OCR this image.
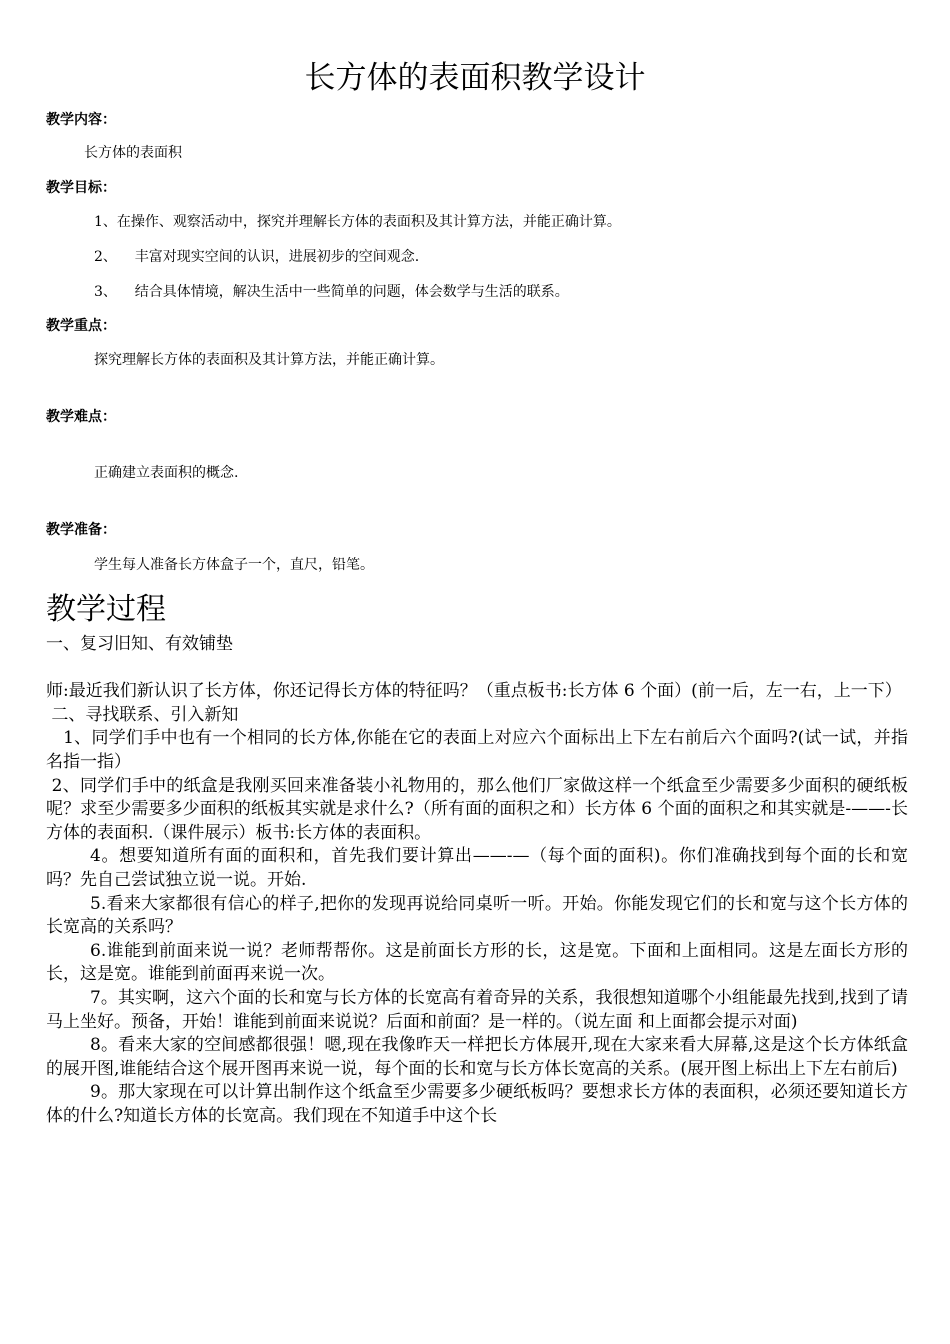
长方体的表面积教学设计
教学内容：
长方体的表面积
教学目标：
1、在操作、观察活动中，探究并理解长方体的表面积及其计算方法，并能正确计算。
2、    丰富对现实空间的认识，进展初步的空间观念.
3、    结合具体情境，解决生活中一些简单的问题，体会数学与生活的联系。
教学重点：
探究理解长方体的表面积及其计算方法，并能正确计算。
教学难点：
正确建立表面积的概念.
教学准备：
学生每人准备长方体盒子一个，直尺，铅笔。
教学过程

一、复习旧知、有效铺垫

师:最近我们新认识了长方体，你还记得长方体的特征吗？（重点板书:长方体 6 个面）(前一后，左一右，上一下）

二、寻找联系、引入新知

1、同学们手中也有一个相同的长方体,你能在它的表面上对应六个面标出上下左右前后六个面吗?(试一试，并指名指一指）

2、同学们手中的纸盒是我刚买回来准备装小礼物用的，那么他们厂家做这样一个纸盒至少需要多少面积的硬纸板呢？求至少需要多少面积的纸板其实就是求什么?（所有面的面积之和）长方体 6 个面的面积之和其实就是-——-长方体的表面积.（课件展示）板书:长方体的表面积。

4。想要知道所有面的面积和，首先我们要计算出——-—（每个面的面积)。你们准确找到每个面的长和宽吗？先自己尝试独立说一说。开始.

5.看来大家都很有信心的样子,把你的发现再说给同桌听一听。开始。你能发现它们的长和宽与这个长方体的长宽高的关系吗？

6.谁能到前面来说一说？老师帮帮你。这是前面长方形的长，这是宽。下面和上面相同。这是左面长方形的长，这是宽。谁能到前面再来说一次。

7。其实啊，这六个面的长和宽与长方体的长宽高有着奇异的关系，我很想知道哪个小组能最先找到,找到了请马上坐好。预备，开始！谁能到前面来说说？后面和前面？是一样的。（说左面 和上面都会提示对面)

8。看来大家的空间感都很强！嗯,现在我像昨天一样把长方体展开,现在大家来看大屏幕,这是这个长方体纸盒的展开图,谁能结合这个展开图再来说一说，每个面的长和宽与长方体长宽高的关系。(展开图上标出上下左右前后)

9。那大家现在可以计算出制作这个纸盒至少需要多少硬纸板吗？要想求长方体的表面积，必须还要知道长方体的什么?知道长方体的长宽高。我们现在不知道手中这个长
